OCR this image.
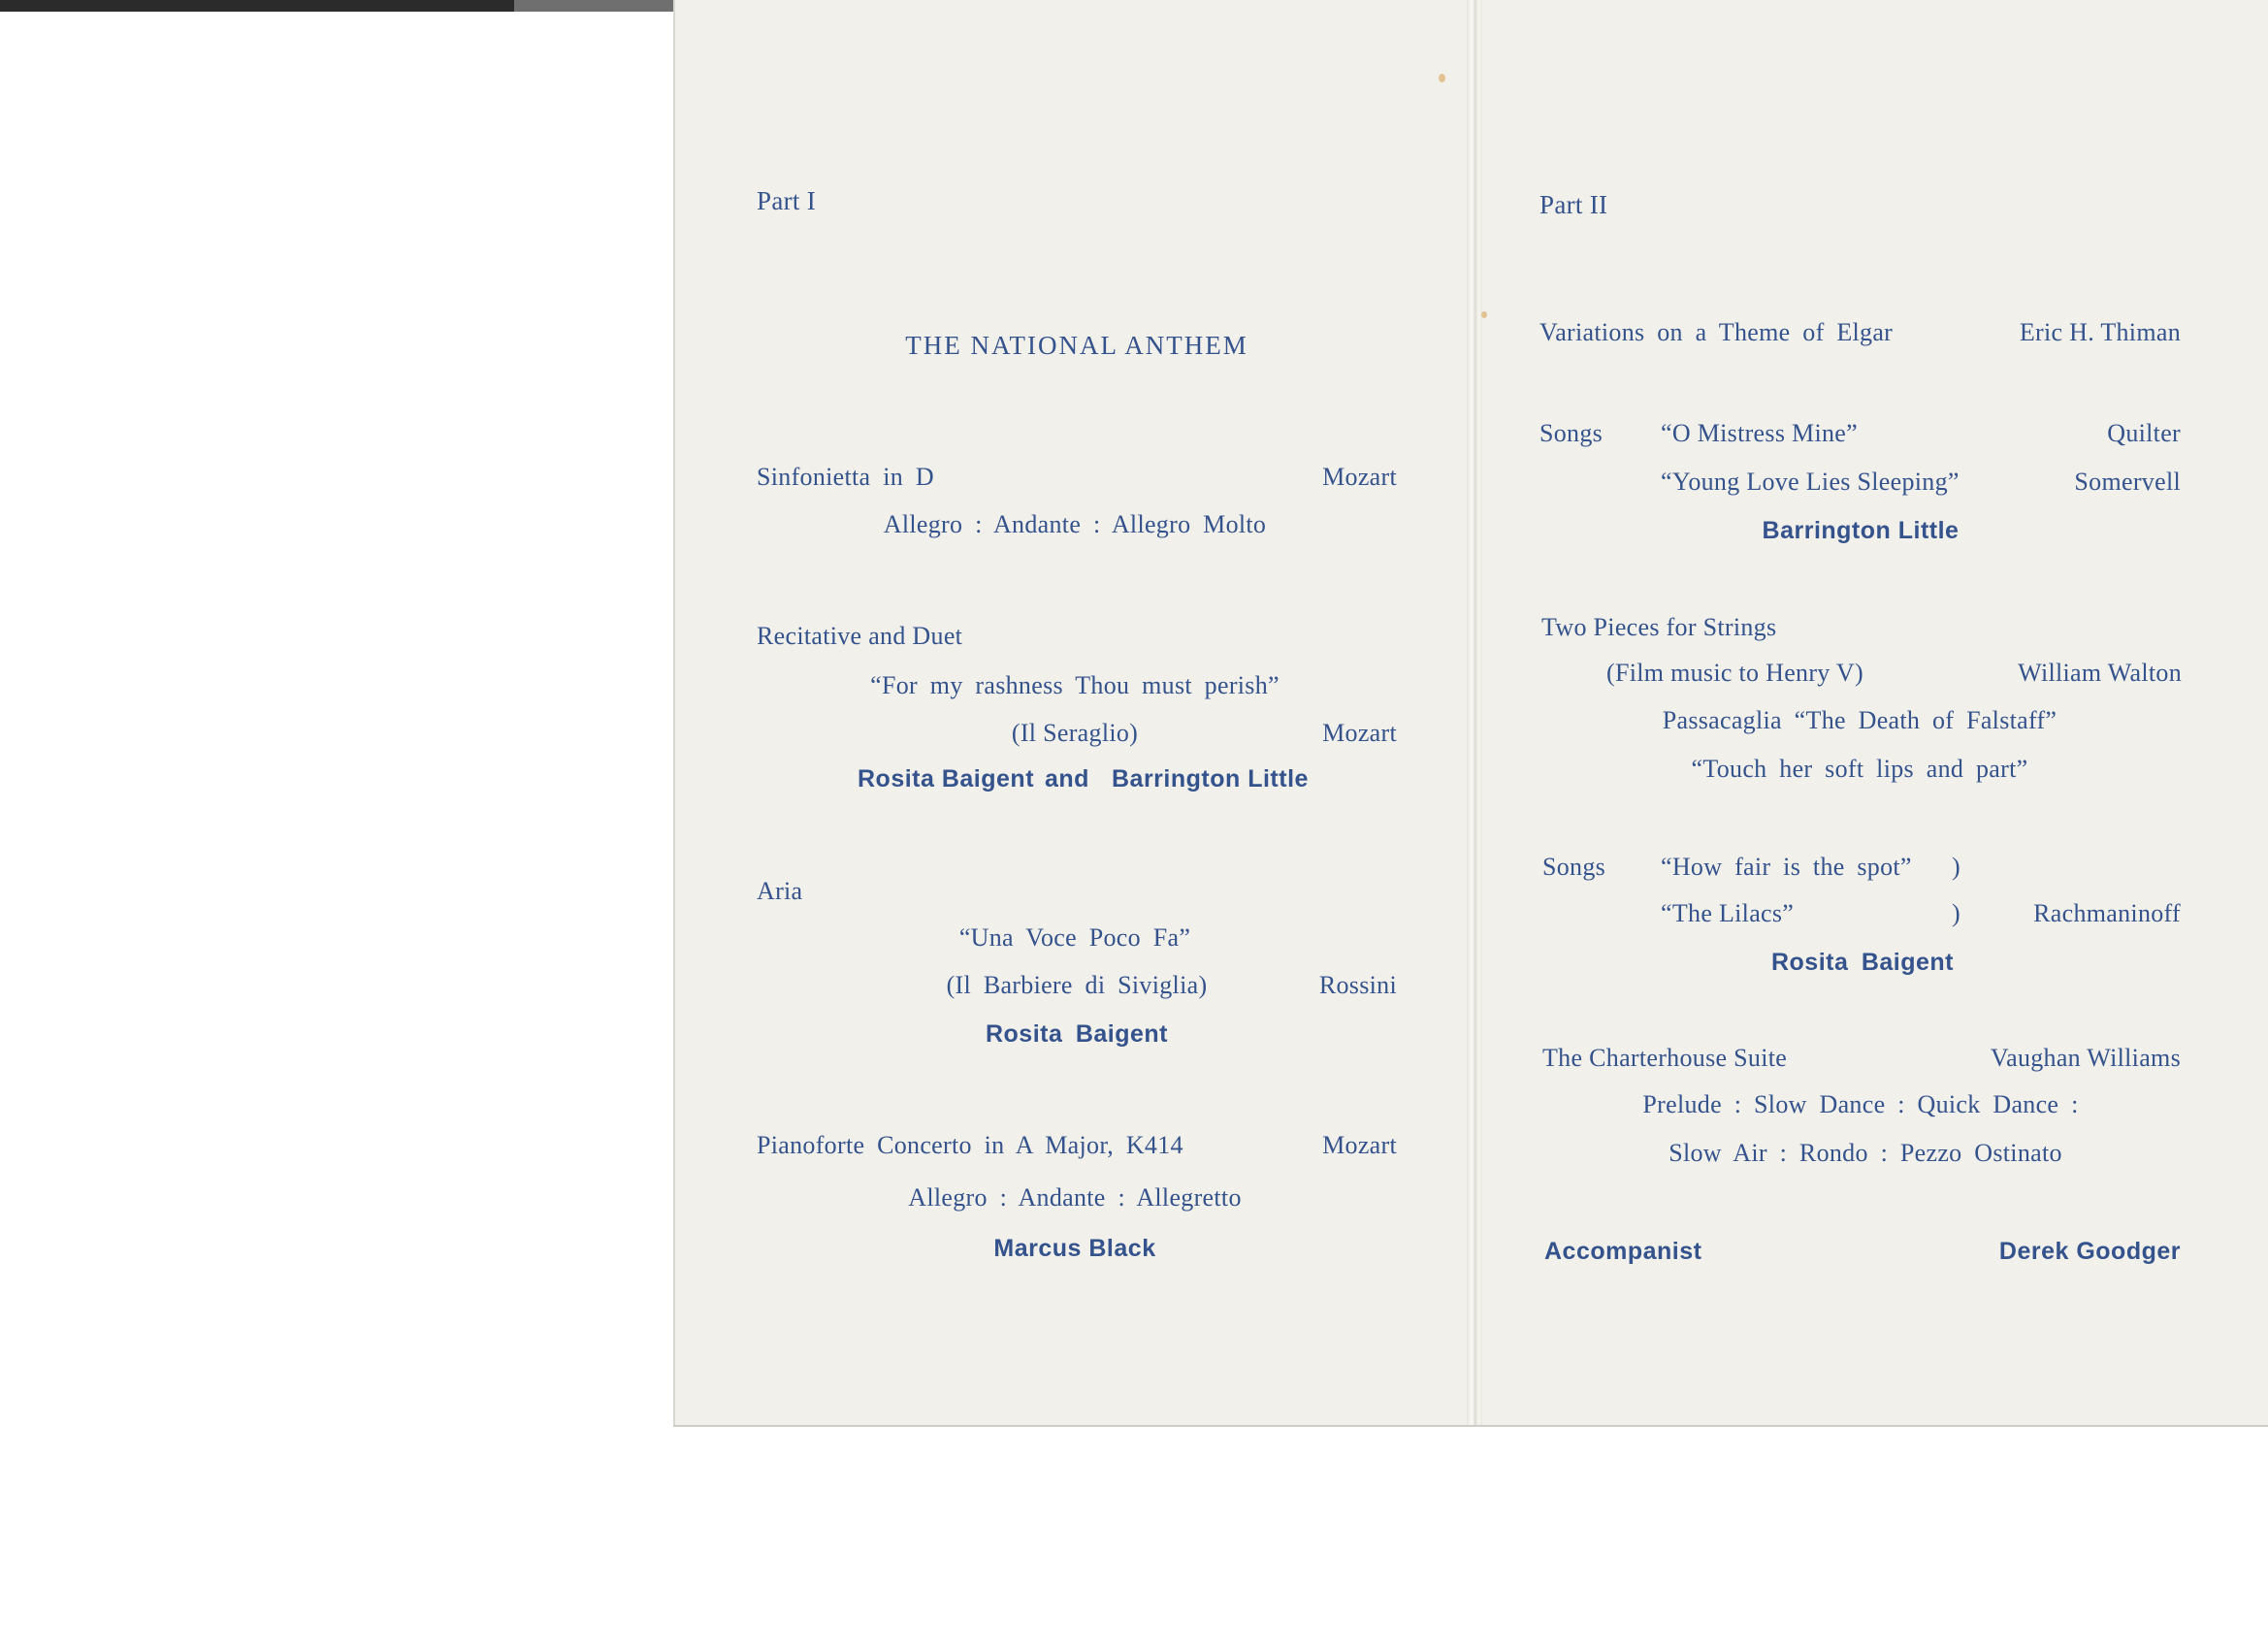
Part I
THE NATIONAL ANTHEM
Sinfonietta in D	Mozart
Allegro : Andante : Allegro Molto
Recitative and Duet
“For my rashness Thou must perish”
(Il Seraglio)	Mozart
Rosita Baigent and Barrington Little
Aria
“Una Voce Poco Fa”
(Il Barbiere di Siviglia)	Rossini
Rosita Baigent
Pianoforte Concerto in A Major, K414	Mozart
Allegro : Andante : Allegretto
Marcus Black
Part II
Variations on a Theme of Elgar	Eric H. Thiman
Songs “O Mistress Mine”	Quilter
“Young Love Lies Sleeping”	Somervell
Barrington Little
Two Pieces for Strings
(Film music to Henry V)	William Walton
Passacaglia “The Death of Falstaff”
“Touch her soft lips and part”
Songs “How fair is the spot” )
“The Lilacs”	)	Rachmaninoff
Rosita Baigent
The Charterhouse Suite	Vaughan Williams
Prelude : Slow Dance : Quick Dance :
Slow Air : Rondo : Pezzo Ostinato
Accompanist	Derek Goodger
